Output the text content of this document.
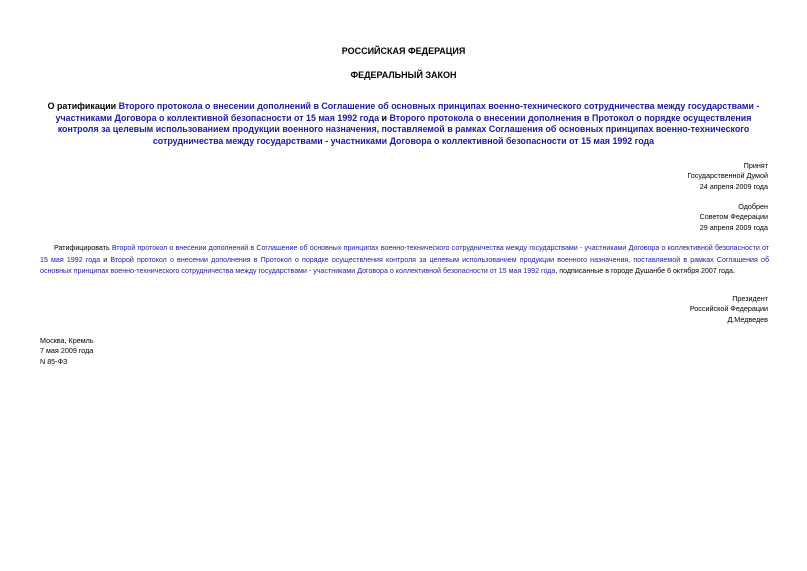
РОССИЙСКАЯ ФЕДЕРАЦИЯ

ФЕДЕРАЛЬНЫЙ ЗАКОН

О ратификации Второго протокола о внесении дополнений в Соглашение об основных принципах военно-технического сотрудничества между государствами - участниками Договора о коллективной безопасности от 15 мая 1992 года и Второго протокола о внесении дополнения в Протокол о порядке осуществления контроля за целевым использованием продукции военного назначения, поставляемой в рамках Соглашения об основных принципах военно-технического сотрудничества между государствами - участниками Договора о коллективной безопасности от 15 мая 1992 года

Принят
Государственной Думой
24 апреля 2009 года

Одобрен
Советом Федерации
29 апреля 2009 года

Ратифицировать Второй протокол о внесении дополнений в Соглашение об основных принципах военно-технического сотрудничества между государствами - участниками Договора о коллективной безопасности от 15 мая 1992 года и Второй протокол о внесении дополнения в Протокол о порядке осуществления контроля за целевым использованием продукции военного назначения, поставляемой в рамках Соглашения об основных принципах военно-технического сотрудничества между государствами - участниками Договора о коллективной безопасности от 15 мая 1992 года, подписанные в городе Душанбе 6 октября 2007 года.

Президент
Российской Федерации
Д.Медведев

Москва, Кремль
7 мая 2009 года
N 85-ФЗ
